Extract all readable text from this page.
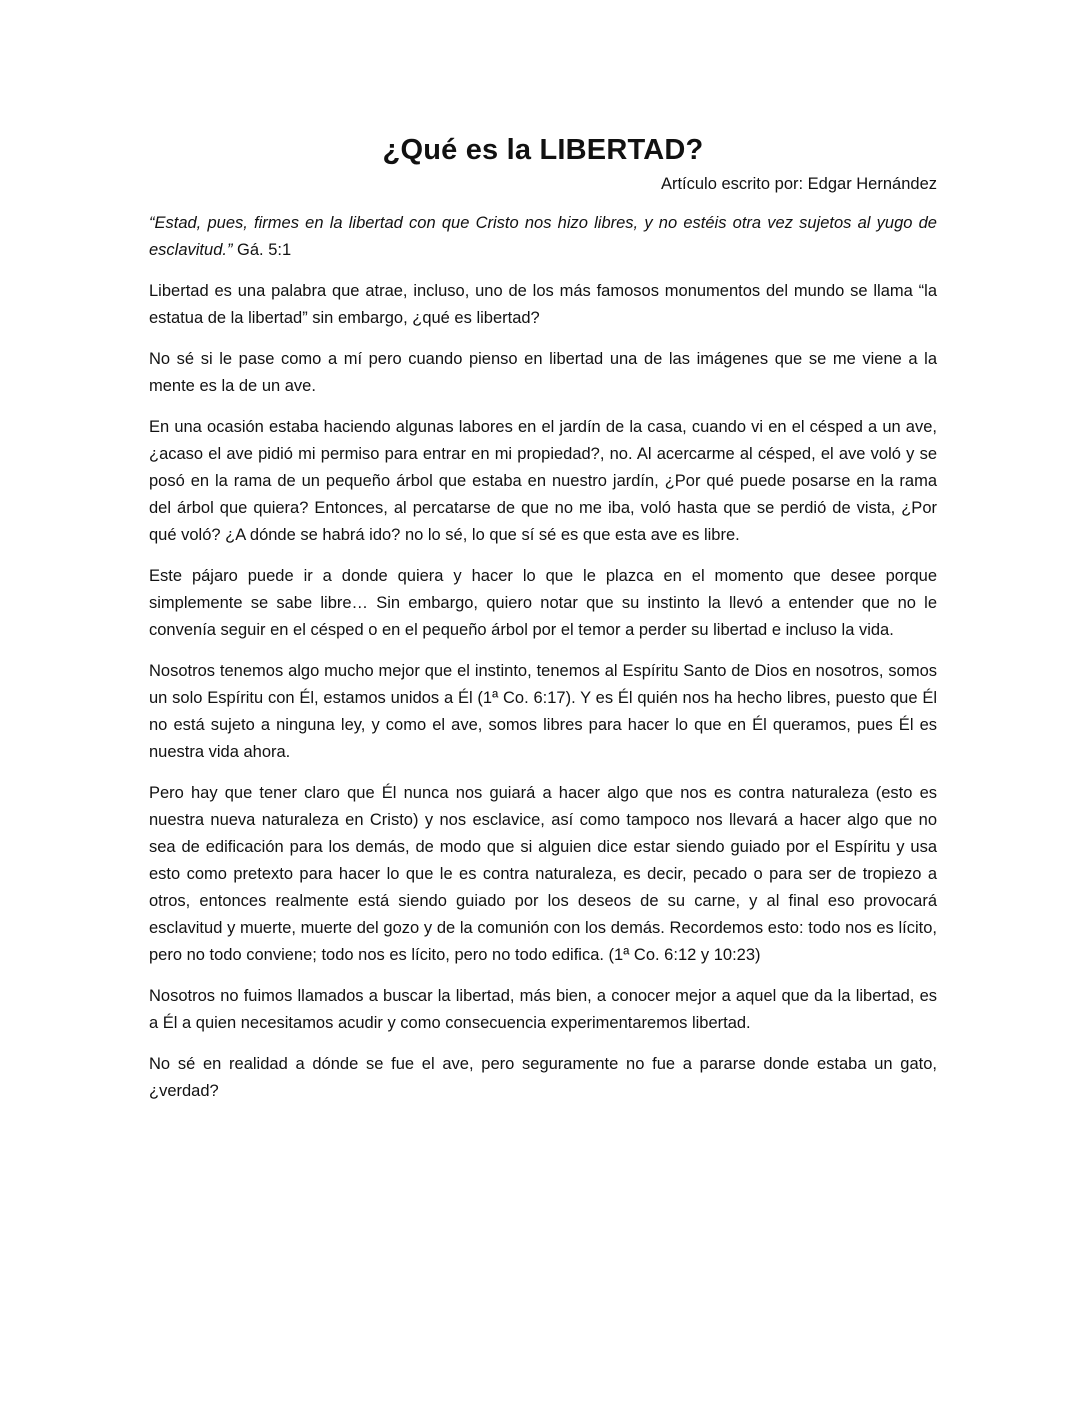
¿Qué es la LIBERTAD?

Artículo escrito por: Edgar Hernández

“Estad, pues, firmes en la libertad con que Cristo nos hizo libres, y no estéis otra vez sujetos al yugo de esclavitud.” Gá. 5:1

Libertad es una palabra que atrae, incluso, uno de los más famosos monumentos del mundo se llama “la estatua de la libertad” sin embargo, ¿qué es libertad?

No sé si le pase como a mí pero cuando pienso en libertad una de las imágenes que se me viene a la mente es la de un ave.

En una ocasión estaba haciendo algunas labores en el jardín de la casa, cuando vi en el césped a un ave, ¿acaso el ave pidió mi permiso para entrar en mi propiedad?, no. Al acercarme al césped, el ave voló y se posó en la rama de un pequeño árbol que estaba en nuestro jardín, ¿Por qué puede posarse en la rama del árbol que quiera? Entonces, al percatarse de que no me iba, voló hasta que se perdió de vista, ¿Por qué voló? ¿A dónde se habrá ido? no lo sé, lo que sí sé es que esta ave es libre.

Este pájaro puede ir a donde quiera y hacer lo que le plazca en el momento que desee porque simplemente se sabe libre… Sin embargo, quiero notar que su instinto la llevó a entender que no le convenía seguir en el césped o en el pequeño árbol por el temor a perder su libertad e incluso la vida.

Nosotros tenemos algo mucho mejor que el instinto, tenemos al Espíritu Santo de Dios en nosotros, somos un solo Espíritu con Él, estamos unidos a Él (1ª Co. 6:17). Y es Él quién nos ha hecho libres, puesto que Él no está sujeto a ninguna ley, y como el ave, somos libres para hacer lo que en Él queramos, pues Él es nuestra vida ahora.

Pero hay que tener claro que Él nunca nos guiará a hacer algo que nos es contra naturaleza (esto es nuestra nueva naturaleza en Cristo) y nos esclavice, así como tampoco nos llevará a hacer algo que no sea de edificación para los demás, de modo que si alguien dice estar siendo guiado por el Espíritu y usa esto como pretexto para hacer lo que le es contra naturaleza, es decir, pecado o para ser de tropiezo a otros, entonces realmente está siendo guiado por los deseos de su carne, y al final eso provocará esclavitud y muerte, muerte del gozo y de la comunión con los demás. Recordemos esto: todo nos es lícito, pero no todo conviene; todo nos es lícito, pero no todo edifica. (1ª Co. 6:12 y 10:23)

Nosotros no fuimos llamados a buscar la libertad, más bien, a conocer mejor a aquel que da la libertad, es a Él a quien necesitamos acudir y como consecuencia experimentaremos libertad.

No sé en realidad a dónde se fue el ave, pero seguramente no fue a pararse donde estaba un gato, ¿verdad?
